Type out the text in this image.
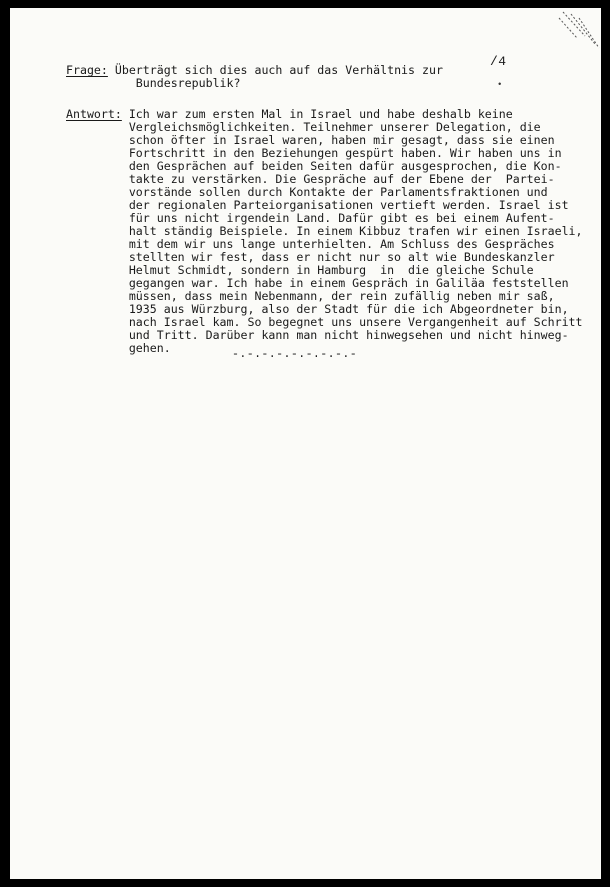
/4
•
Frage: Überträgt sich dies auch auf das Verhältnis zur
Bundesrepublik?
Antwort: Ich war zum ersten Mal in Israel und habe deshalb keine
Vergleichsmöglichkeiten. Teilnehmer unserer Delegation, die
schon öfter in Israel waren, haben mir gesagt, dass sie einen
Fortschritt in den Beziehungen gespürt haben. Wir haben uns in
den Gesprächen auf beiden Seiten dafür ausgesprochen, die Kon-
takte zu verstärken. Die Gespräche auf der Ebene der  Partei-
vorstände sollen durch Kontakte der Parlamentsfraktionen und
der regionalen Parteiorganisationen vertieft werden. Israel ist
für uns nicht irgendein Land. Dafür gibt es bei einem Aufent-
halt ständig Beispiele. In einem Kibbuz trafen wir einen Israeli,
mit dem wir uns lange unterhielten. Am Schluss des Gespräches
stellten wir fest, dass er nicht nur so alt wie Bundeskanzler
Helmut Schmidt, sondern in Hamburg  in  die gleiche Schule
gegangen war. Ich habe in einem Gespräch in Galiläa feststellen
müssen, dass mein Nebenmann, der rein zufällig neben mir saß,
1935 aus Würzburg, also der Stadt für die ich Abgeordneter bin,
nach Israel kam. So begegnet uns unsere Vergangenheit auf Schritt
und Tritt. Darüber kann man nicht hinwegsehen und nicht hinweg-
gehen.	-.-.-.-.-.-.-.-.-
